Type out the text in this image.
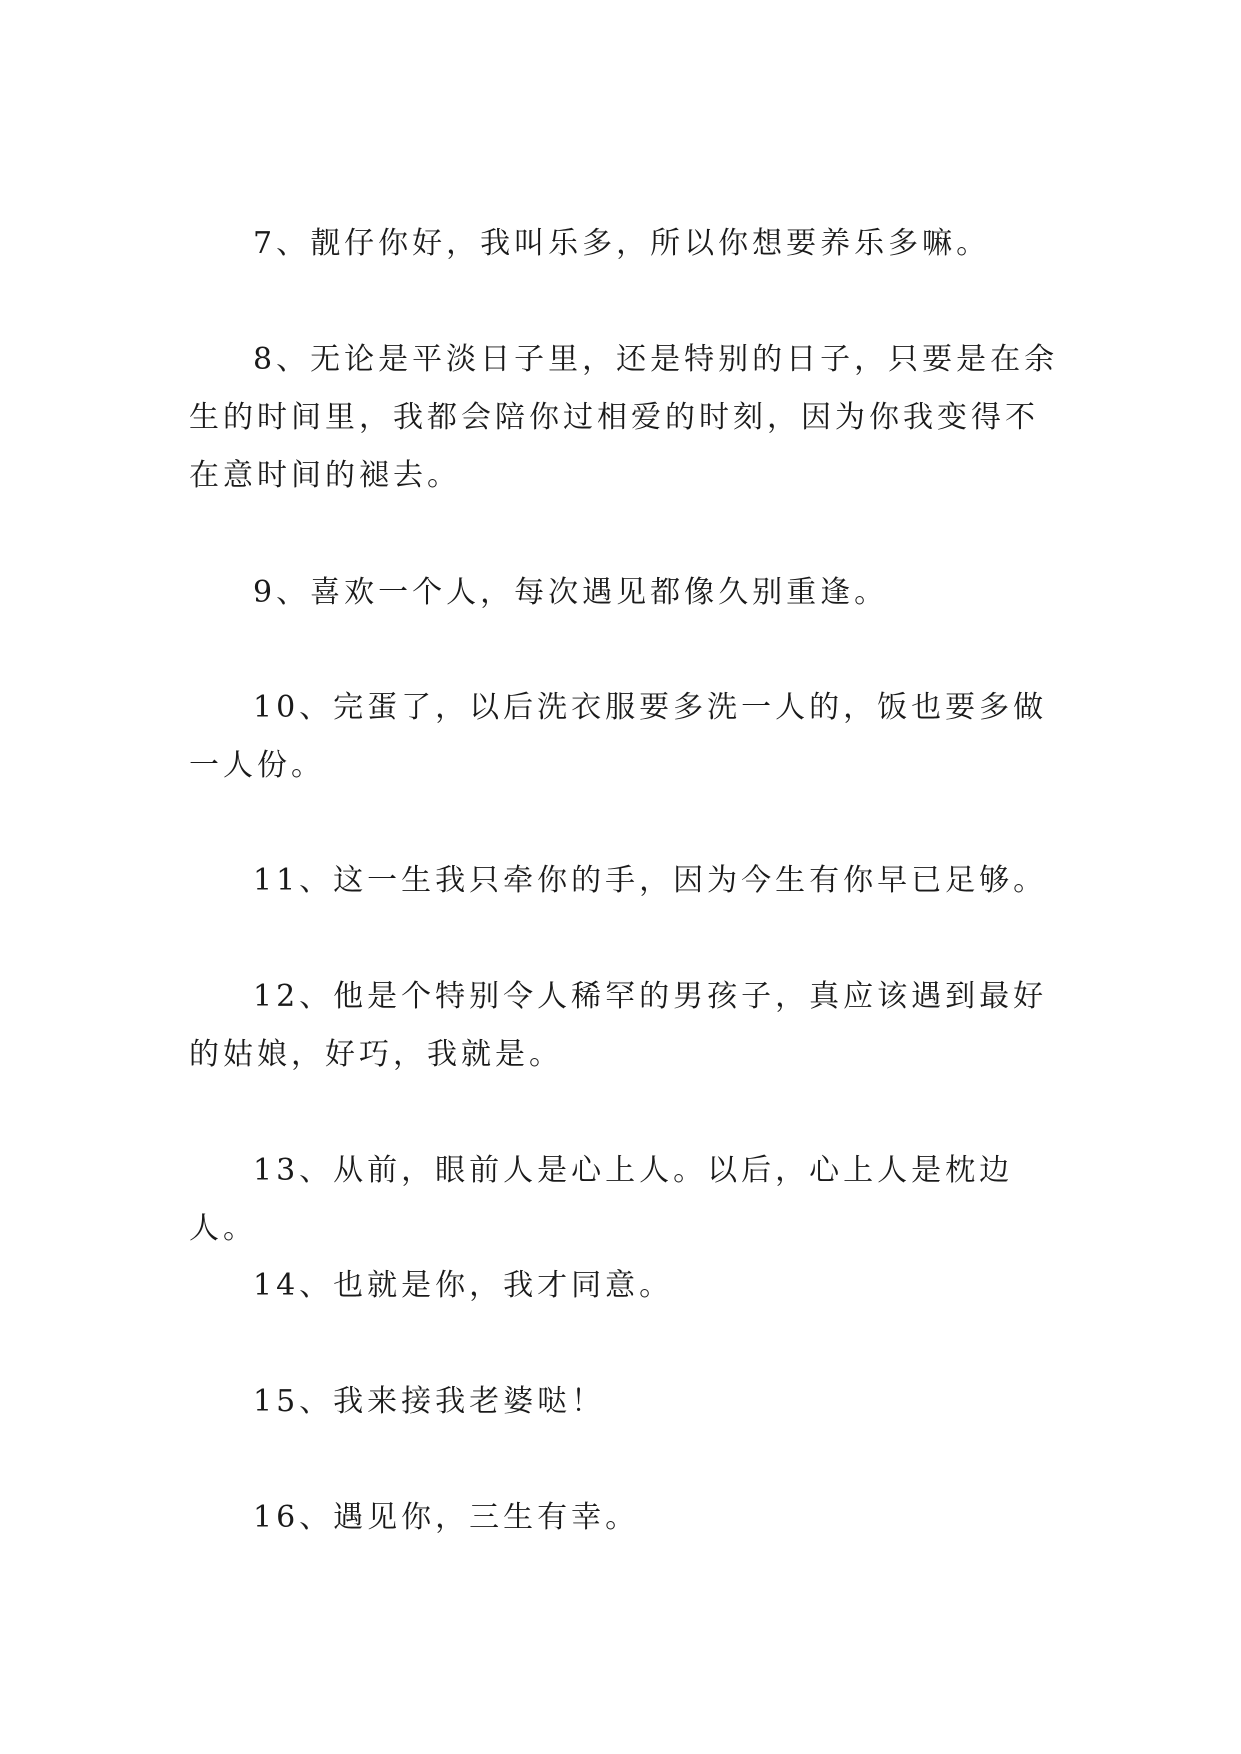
7、靓仔你好，我叫乐多，所以你想要养乐多嘛。

8、无论是平淡日子里，还是特别的日子，只要是在余生的时间里，我都会陪你过相爱的时刻，因为你我变得不在意时间的褪去。

9、喜欢一个人，每次遇见都像久别重逢。

10、完蛋了，以后洗衣服要多洗一人的，饭也要多做一人份。

11、这一生我只牵你的手，因为今生有你早已足够。

12、他是个特别令人稀罕的男孩子，真应该遇到最好的姑娘，好巧，我就是。

13、从前，眼前人是心上人。以后，心上人是枕边人。

14、也就是你，我才同意。

15、我来接我老婆哒！

16、遇见你，三生有幸。
